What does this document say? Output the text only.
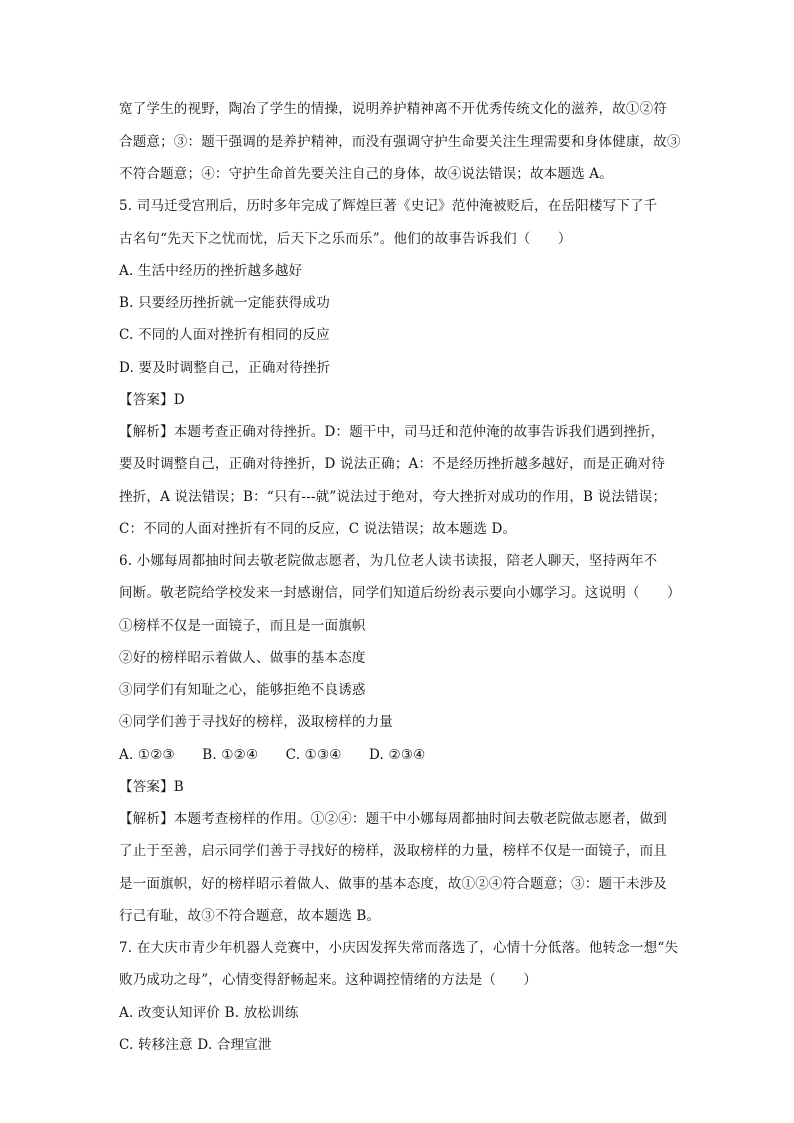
宽了学生的视野，陶冶了学生的情操，说明养护精神离不开优秀传统文化的滋养，故①②符
合题意；③：题干强调的是养护精神，而没有强调守护生命要关注生理需要和身体健康，故③
不符合题意；④：守护生命首先要关注自己的身体，故④说法错误；故本题选 A。
5. 司马迁受宫刑后，历时多年完成了辉煌巨著《史记》范仲淹被贬后，在岳阳楼写下了千
古名句“先天下之忧而忧，后天下之乐而乐”。他们的故事告诉我们（　　）
A. 生活中经历的挫折越多越好
B. 只要经历挫折就一定能获得成功
C. 不同的人面对挫折有相同的反应
D. 要及时调整自己，正确对待挫折
【答案】D
【解析】本题考查正确对待挫折。D：题干中，司马迁和范仲淹的故事告诉我们遇到挫折，
要及时调整自己，正确对待挫折，D 说法正确；A：不是经历挫折越多越好，而是正确对待
挫折，A 说法错误；B：“只有---就”说法过于绝对，夸大挫折对成功的作用，B 说法错误；
C：不同的人面对挫折有不同的反应，C 说法错误；故本题选 D。
6. 小娜每周都抽时间去敬老院做志愿者，为几位老人读书读报，陪老人聊天，坚持两年不
间断。敬老院给学校发来一封感谢信，同学们知道后纷纷表示要向小娜学习。这说明（　　）
①榜样不仅是一面镜子，而且是一面旗帜
②好的榜样昭示着做人、做事的基本态度
③同学们有知耻之心，能够拒绝不良诱惑
④同学们善于寻找好的榜样，汲取榜样的力量
A. ①②③　　B. ①②④　　C. ①③④　　D. ②③④
【答案】B
【解析】本题考查榜样的作用。①②④：题干中小娜每周都抽时间去敬老院做志愿者，做到
了止于至善，启示同学们善于寻找好的榜样，汲取榜样的力量，榜样不仅是一面镜子，而且
是一面旗帜，好的榜样昭示着做人、做事的基本态度，故①②④符合题意；③：题干未涉及
行己有耻，故③不符合题意，故本题选 B。
7. 在大庆市青少年机器人竞赛中，小庆因发挥失常而落选了，心情十分低落。他转念一想“失
败乃成功之母”，心情变得舒畅起来。这种调控情绪的方法是（　　）
A. 改变认知评价 B. 放松训练
C. 转移注意 D. 合理宣泄
